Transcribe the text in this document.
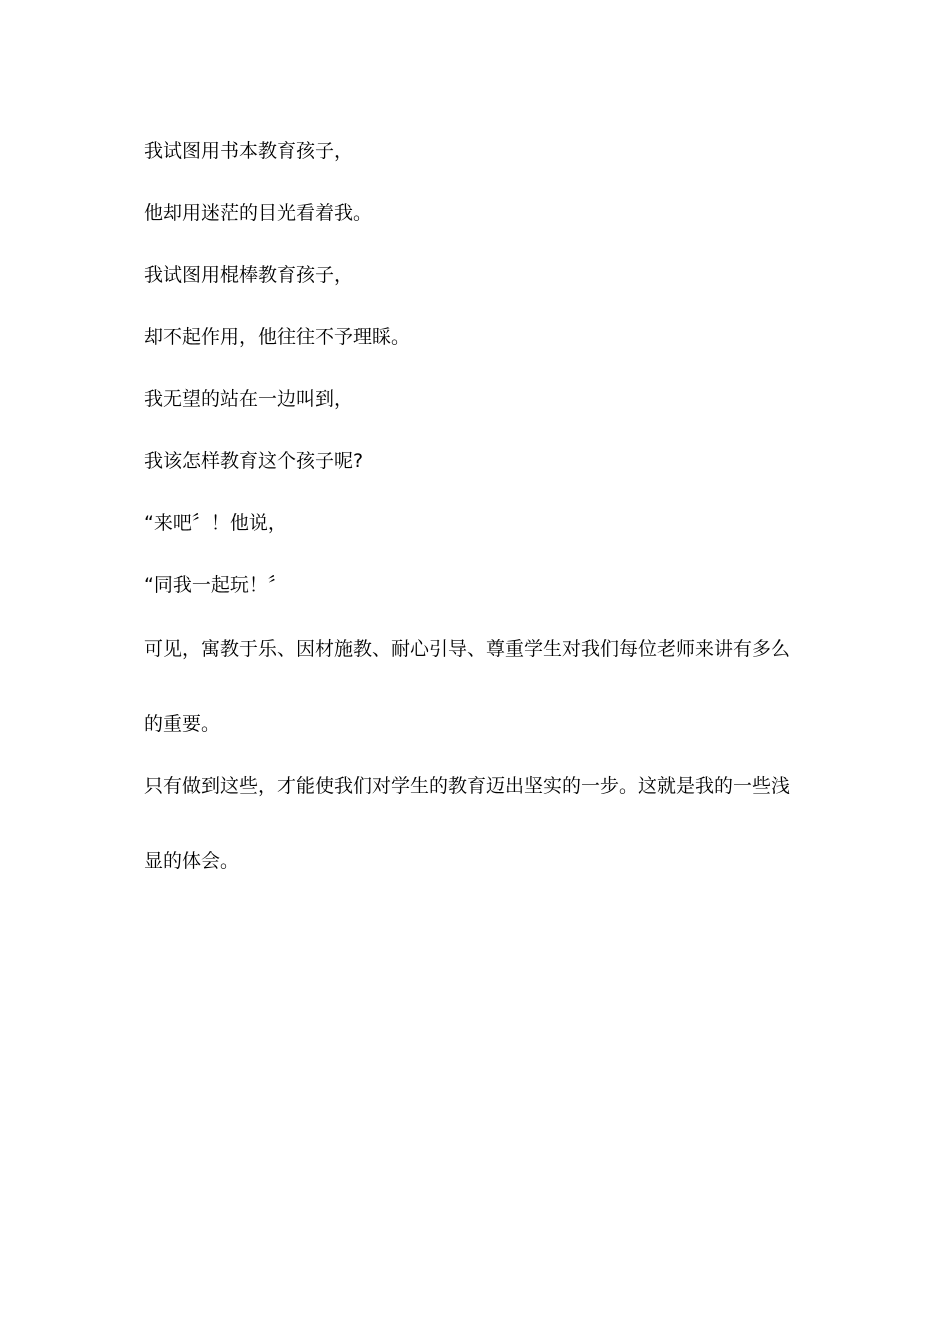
我试图用书本教育孩子，
他却用迷茫的目光看着我。
我试图用棍棒教育孩子，
却不起作用，他往往不予理睬。
我无望的站在一边叫到，
我该怎样教育这个孩子呢?
“来吧〞！他说，
“同我一起玩！〞
可见，寓教于乐、因材施教、耐心引导、尊重学生对我们每位老师来讲有多么
的重要。
只有做到这些，才能使我们对学生的教育迈出坚实的一步。这就是我的一些浅
显的体会。
